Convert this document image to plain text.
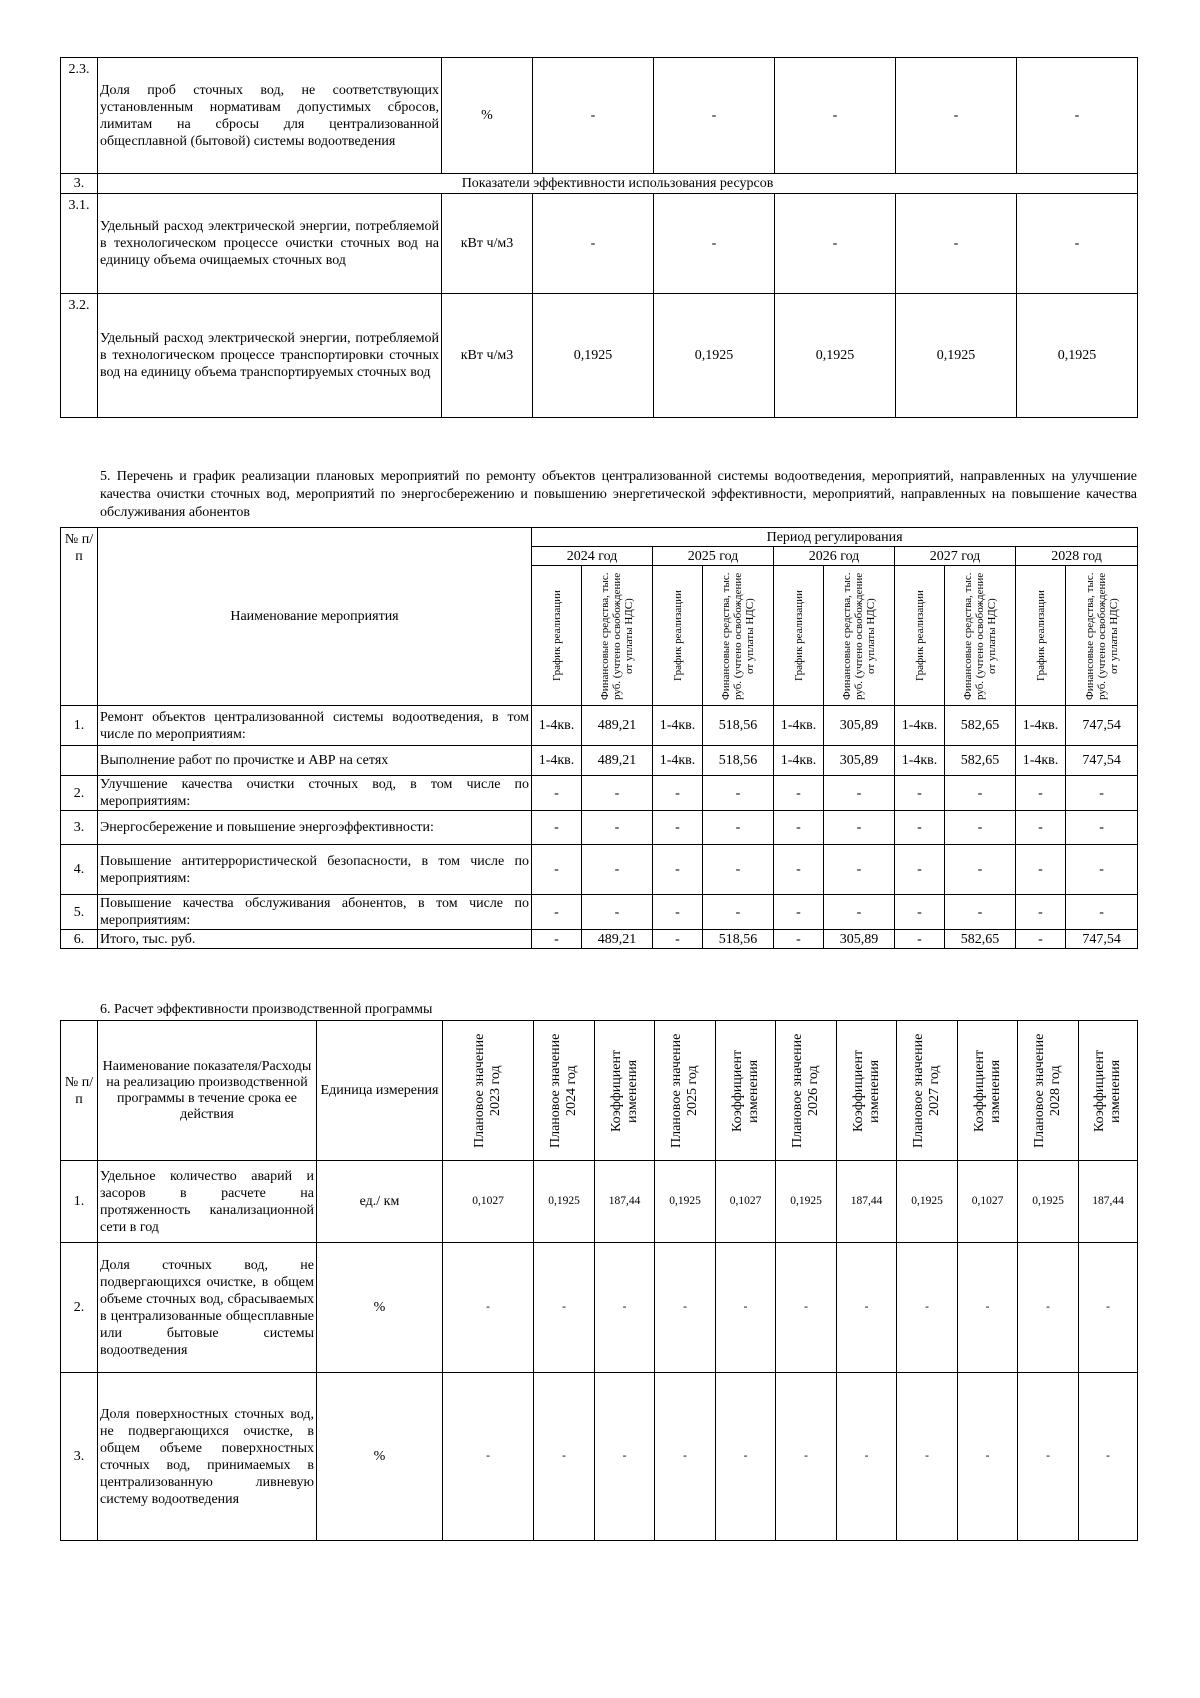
2.3.	Доля проб сточных вод, не соответствующих установленным нормативам допустимых сбросов, лимитам на сбросы для централизованной общесплавной (бытовой) системы водоотведения	%	-	-	-	-	-
3.	Показатели эффективности использования ресурсов						
3.1.	Удельный расход электрической энергии, потребляемой в технологическом процессе очистки сточных вод на единицу объема очищаемых сточных вод	кВт ч/м3	-	-	-	-	-
3.2.	Удельный расход электрической энергии, потребляемой в технологическом процессе транспортировки сточных вод на единицу объема транспортируемых сточных вод	кВт ч/м3	0,1925	0,1925	0,1925	0,1925	0,1925
5. Перечень и график реализации плановых мероприятий по ремонту объектов централизованной системы водоотведения, мероприятий, направленных на улучшение качества очистки сточных вод, мероприятий по энергосбережению и повышению энергетической эффективности, мероприятий, направленных на повышение качества обслуживания абонентов
№ п/п	Наименование мероприятия	Период регулирования									
		2024 год		2025 год		2026 год		2027 год		2028 год	

		График реализации	Финансовые средства, тыс. руб. (учтено освобождение от уплаты НДС)	График реализации	Финансовые средства, тыс. руб. (учтено освобождение от уплаты НДС)	График реализации	Финансовые средства, тыс. руб. (учтено освобождение от уплаты НДС)	График реализации	Финансовые средства, тыс. руб. (учтено освобождение от уплаты НДС)	График реализации	Финансовые средства, тыс. руб. (учтено освобождение от уплаты НДС)

1.	Ремонт объектов централизованной системы водоотведения, в том числе по мероприятиям:	1-4кв.	489,21	1-4кв.	518,56	1-4кв.	305,89	1-4кв.	582,65	1-4кв.	747,54
	Выполнение работ по прочистке и АВР на сетях	1-4кв.	489,21	1-4кв.	518,56	1-4кв.	305,89	1-4кв.	582,65	1-4кв.	747,54
2.	Улучшение качества очистки сточных вод, в том числе по мероприятиям:	-	-	-	-	-	-	-	-	-	-
3.	Энергосбережение и повышение энергоэффективности:	-	-	-	-	-	-	-	-	-	-
4.	Повышение антитеррористической безопасности, в том числе по мероприятиям:	-	-	-	-	-	-	-	-	-	-
5.	Повышение качества обслуживания абонентов, в том числе по мероприятиям:	-	-	-	-	-	-	-	-	-	-
6.	Итого, тыс. руб.	-	489,21	-	518,56	-	305,89	-	582,65	-	747,54
6. Расчет эффективности производственной программы
№ п/п	Наименование показателя/Расходы на реализацию производственной программы в течение срока ее действия	Единица измерения	Плановое значение 2023 год	Плановое значение 2024 год	Коэффициент изменения	Плановое значение 2025 год	Коэффициент изменения	Плановое значение 2026 год	Коэффициент изменения	Плановое значение 2027 год	Коэффициент изменения	Плановое значение 2028 год	Коэффициент изменения

1.	Удельное количество аварий и засоров в расчете на протяженность канализационной сети в год	ед./ км	0,1027	0,1925	187,44	0,1925	0,1027	0,1925	187,44	0,1925	0,1027	0,1925	187,44
2.	Доля сточных вод, не подвергающихся очистке, в общем объеме сточных вод, сбрасываемых в централизованные общесплавные или бытовые системы водоотведения	%	-	-	-	-	-	-	-	-	-	-	-
3.	Доля поверхностных сточных вод, не подвергающихся очистке, в общем объеме поверхностных сточных вод, принимаемых в централизованную ливневую систему водоотведения	%	-	-	-	-	-	-	-	-	-	-	-
